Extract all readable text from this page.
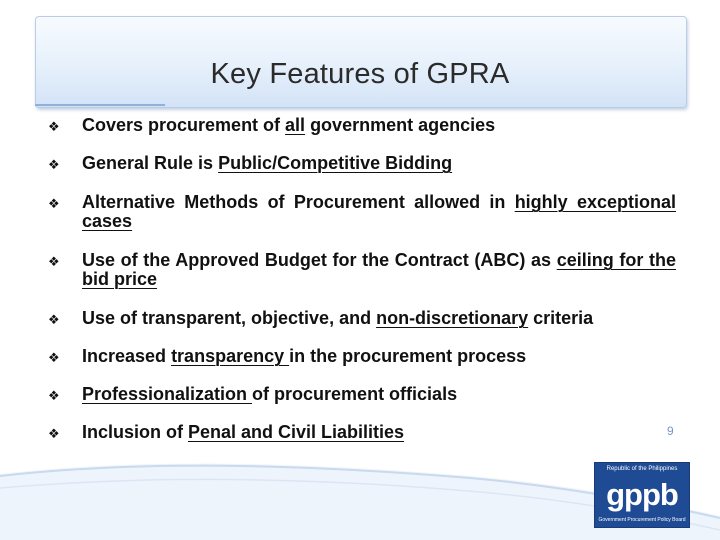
Key Features of GPRA
❖	Covers procurement of all government agencies
❖	General Rule is Public/Competitive Bidding
❖	Alternative Methods of Procurement allowed in highly exceptional cases
❖	Use of the Approved Budget for the Contract (ABC) as ceiling for the bid price
❖	Use of transparent, objective, and non-discretionary criteria
❖	Increased transparency in the procurement process
❖	Professionalization of procurement officials
❖	Inclusion of Penal and Civil Liabilities	9
Republic of the Philippines
gppb
Government Procurement Policy Board
